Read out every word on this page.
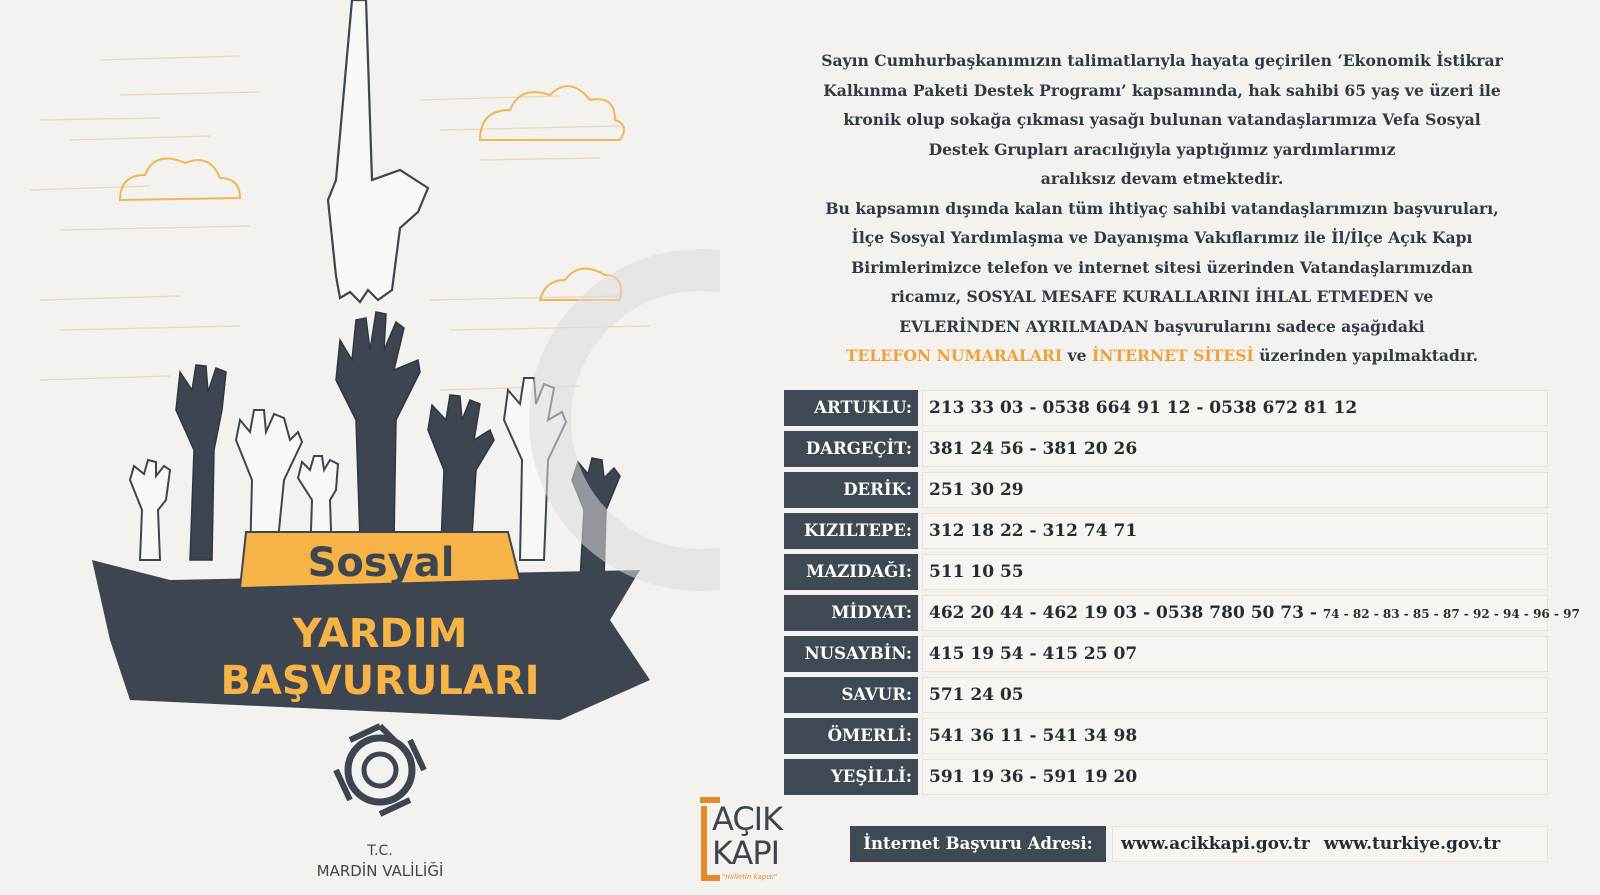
Sosyal
YARDIM
BAŞVURULARI
T.C.
MARDİN VALİLİĞİ
AÇIK
KAPI
"milletin kapısı"
Sayın Cumhurbaşkanımızın talimatlarıyla hayata geçirilen ‘Ekonomik İstikrar
Kalkınma Paketi Destek Programı’ kapsamında, hak sahibi 65 yaş ve üzeri ile
kronik olup sokağa çıkması yasağı bulunan vatandaşlarımıza Vefa Sosyal
Destek Grupları aracılığıyla yaptığımız yardımlarımız
aralıksız devam etmektedir.
Bu kapsamın dışında kalan tüm ihtiyaç sahibi vatandaşlarımızın başvuruları,
İlçe Sosyal Yardımlaşma ve Dayanışma Vakıflarımız ile İl/İlçe Açık Kapı
Birimlerimizce telefon ve internet sitesi üzerinden Vatandaşlarımızdan
ricamız, SOSYAL MESAFE KURALLARINI İHLAL ETMEDEN ve
EVLERİNDEN AYRILMADAN başvurularını sadece aşağıdaki
TELEFON NUMARALARI ve İNTERNET SİTESİ üzerinden yapılmaktadır.
ARTUKLU:	213 33 03 - 0538 664 91 12 - 0538 672 81 12
DARGEÇİT:	381 24 56 - 381 20 26
DERİK:	251 30 29
KIZILTEPE:	312 18 22 - 312 74 71
MAZIDAĞI:	511 10 55
MİDYAT:	462 20 44 - 462 19 03 - 0538 780 50 73 - 74 - 82 - 83 - 85 - 87 - 92 - 94 - 96 - 97
NUSAYBİN:	415 19 54 - 415 25 07
SAVUR:	571 24 05
ÖMERLİ:	541 36 11 - 541 34 98
YEŞİLLİ:	591 19 36 - 591 19 20
İnternet Başvuru Adresi:	www.acikkapi.gov.tr www.turkiye.gov.tr
